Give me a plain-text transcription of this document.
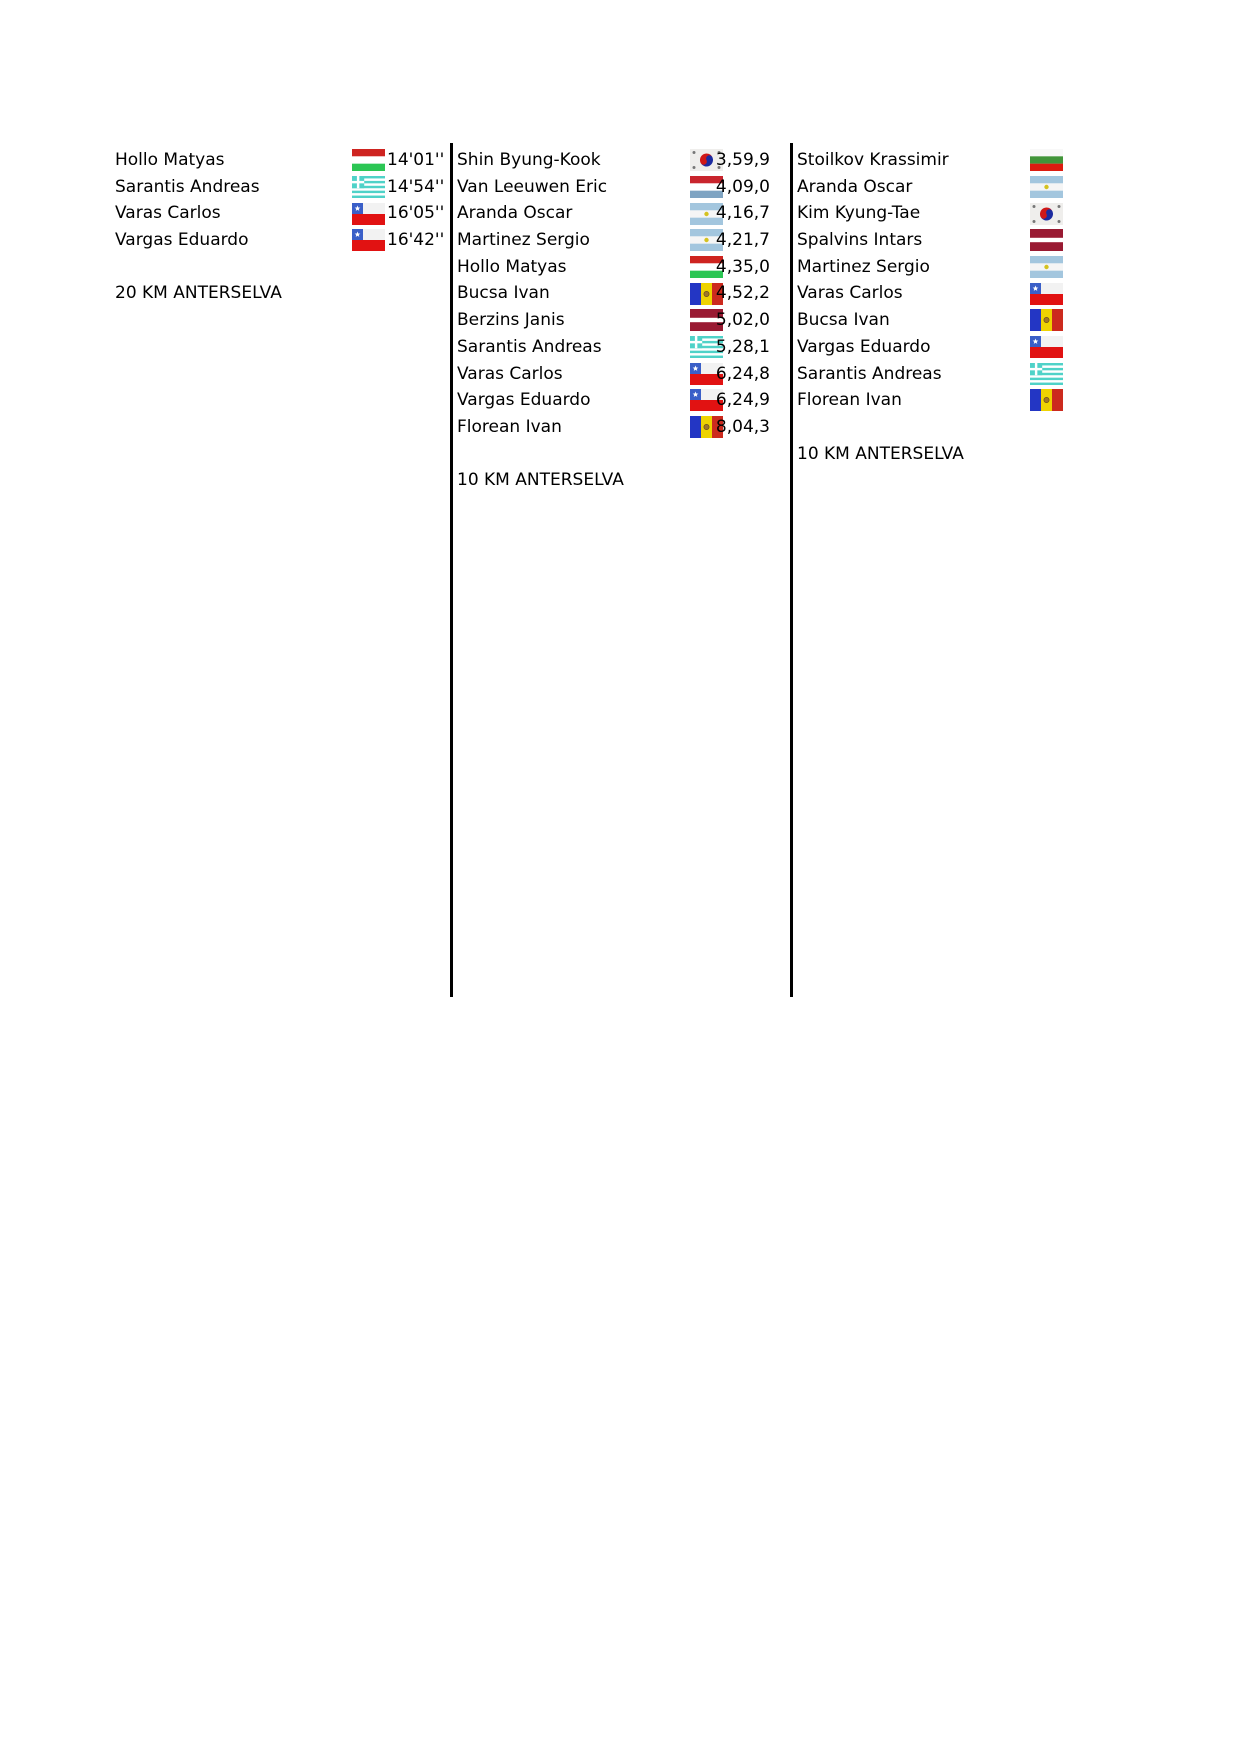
Hollo Matyas	14'01''
Sarantis Andreas	14'54''
Varas Carlos	16'05''
Vargas Eduardo	16'42''
20 KM ANTERSELVA
Shin Byung-Kook	3,59,9
Van Leeuwen Eric	4,09,0
Aranda Oscar	4,16,7
Martinez Sergio	4,21,7
Hollo Matyas	4,35,0
Bucsa Ivan	4,52,2
Berzins Janis	5,02,0
Sarantis Andreas	5,28,1
Varas Carlos	6,24,8
Vargas Eduardo	6,24,9
Florean Ivan	8,04,3
10 KM ANTERSELVA
Stoilkov Krassimir
Aranda Oscar
Kim Kyung-Tae
Spalvins Intars
Martinez Sergio
Varas Carlos
Bucsa Ivan
Vargas Eduardo
Sarantis Andreas
Florean Ivan
10 KM ANTERSELVA
